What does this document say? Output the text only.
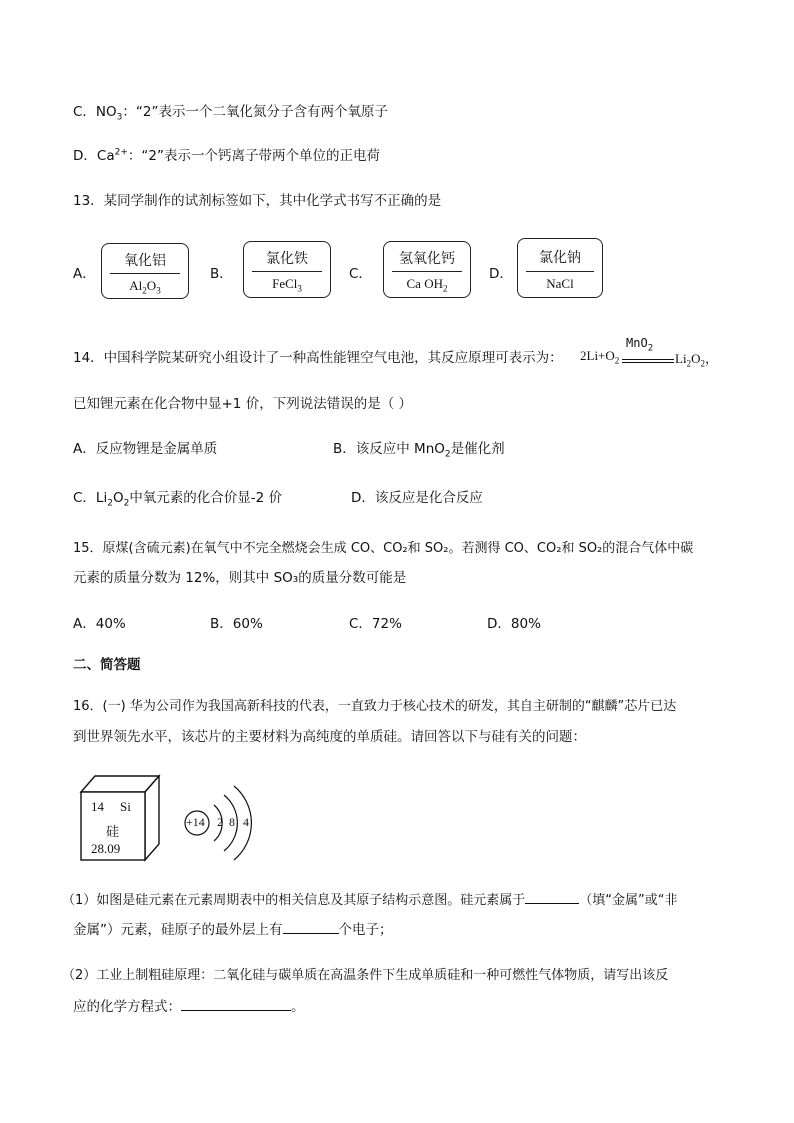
C．$NO_3$：“2”表示一个二氧化氮分子含有两个氧原子
D．$Ca^{2+}$：“2”表示一个钙离子带两个单位的正电荷
13．某同学制作的试剂标签如下，其中化学式书写不正确的是
A．
氧化铝
$Al_2O_3$
B．
氯化铁
FeCl$_3$
C．
氢氧化钙
Ca $OH_2$
D．
氯化钠
NaCl
14．中国科学院某研究小组设计了一种高性能锂空气电池，其反应原理可表示为： $2Li+O_2$
MnO$_2$
$Li_2O_2$，
已知锂元素在化合物中显+1 价，下列说法错误的是（ ）
A．反应物锂是金属单质	B．该反应中 MnO$_2$是催化剂
C．$Li_2O_2$中氧元素的化合价显-2 价	D．该反应是化合反应
15．原煤(含硫元素)在氧气中不完全燃烧会生成 CO、CO₂和 SO₂。若测得 CO、CO₂和 SO₂的混合气体中碳
元素的质量分数为 12%，则其中 SO₃的质量分数可能是
A．40%	B．60%	C．72%	D．80%
二、简答题
16．(一) 华为公司作为我国高新科技的代表，一直致力于核心技术的研发，其自主研制的“麒麟”芯片已达
到世界领先水平，该芯片的主要材料为高纯度的单质硅。请回答以下与硅有关的问题：
14 Si
硅
28.09
+14 2 8 4
（1）如图是硅元素在元素周期表中的相关信息及其原子结构示意图。硅元素属于	（填“金属”或“非
金属”）元素，硅原子的最外层上有	个电子；
（2）工业上制粗硅原理：二氧化硅与碳单质在高温条件下生成单质硅和一种可燃性气体物质，请写出该反
应的化学方程式：	。
